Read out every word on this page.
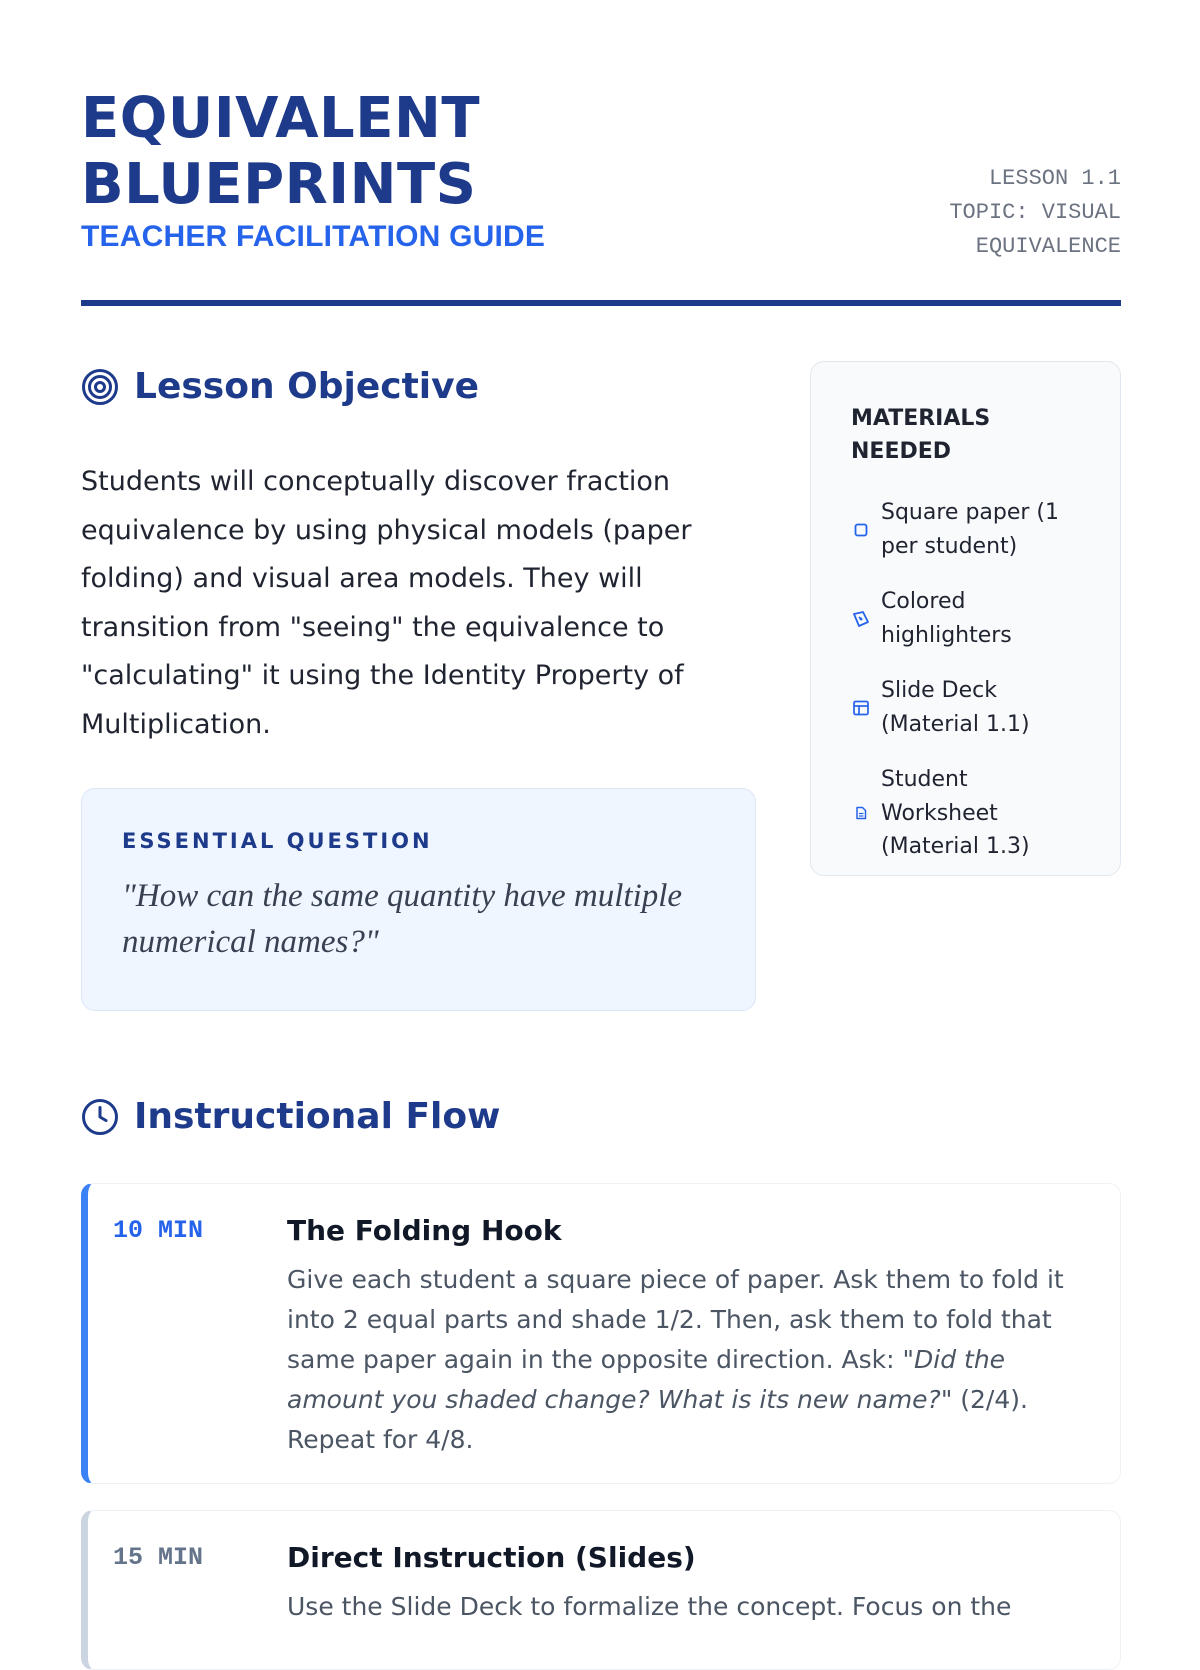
EQUIVALENT
BLUEPRINTS
TEACHER FACILITATION GUIDE
LESSON 1.1
TOPIC: VISUAL
EQUIVALENCE
Lesson Objective

Students will conceptually discover fraction equivalence by using physical models (paper folding) and visual area models. They will transition from "seeing" the equivalence to "calculating" it using the Identity Property of Multiplication.

ESSENTIAL QUESTION
"How can the same quantity have multiple numerical names?"
MATERIALS NEEDED
Square paper (1 per student)
Colored highlighters
Slide Deck (Material 1.1)
Student Worksheet (Material 1.3)
Instructional Flow
10 MIN	The Folding Hook
Give each student a square piece of paper. Ask them to fold it into 2 equal parts and shade 1/2. Then, ask them to fold that same paper again in the opposite direction. Ask: "Did the amount you shaded change? What is its new name?" (2/4). Repeat for 4/8.
15 MIN	Direct Instruction (Slides)
Use the Slide Deck to formalize the concept. Focus on the
